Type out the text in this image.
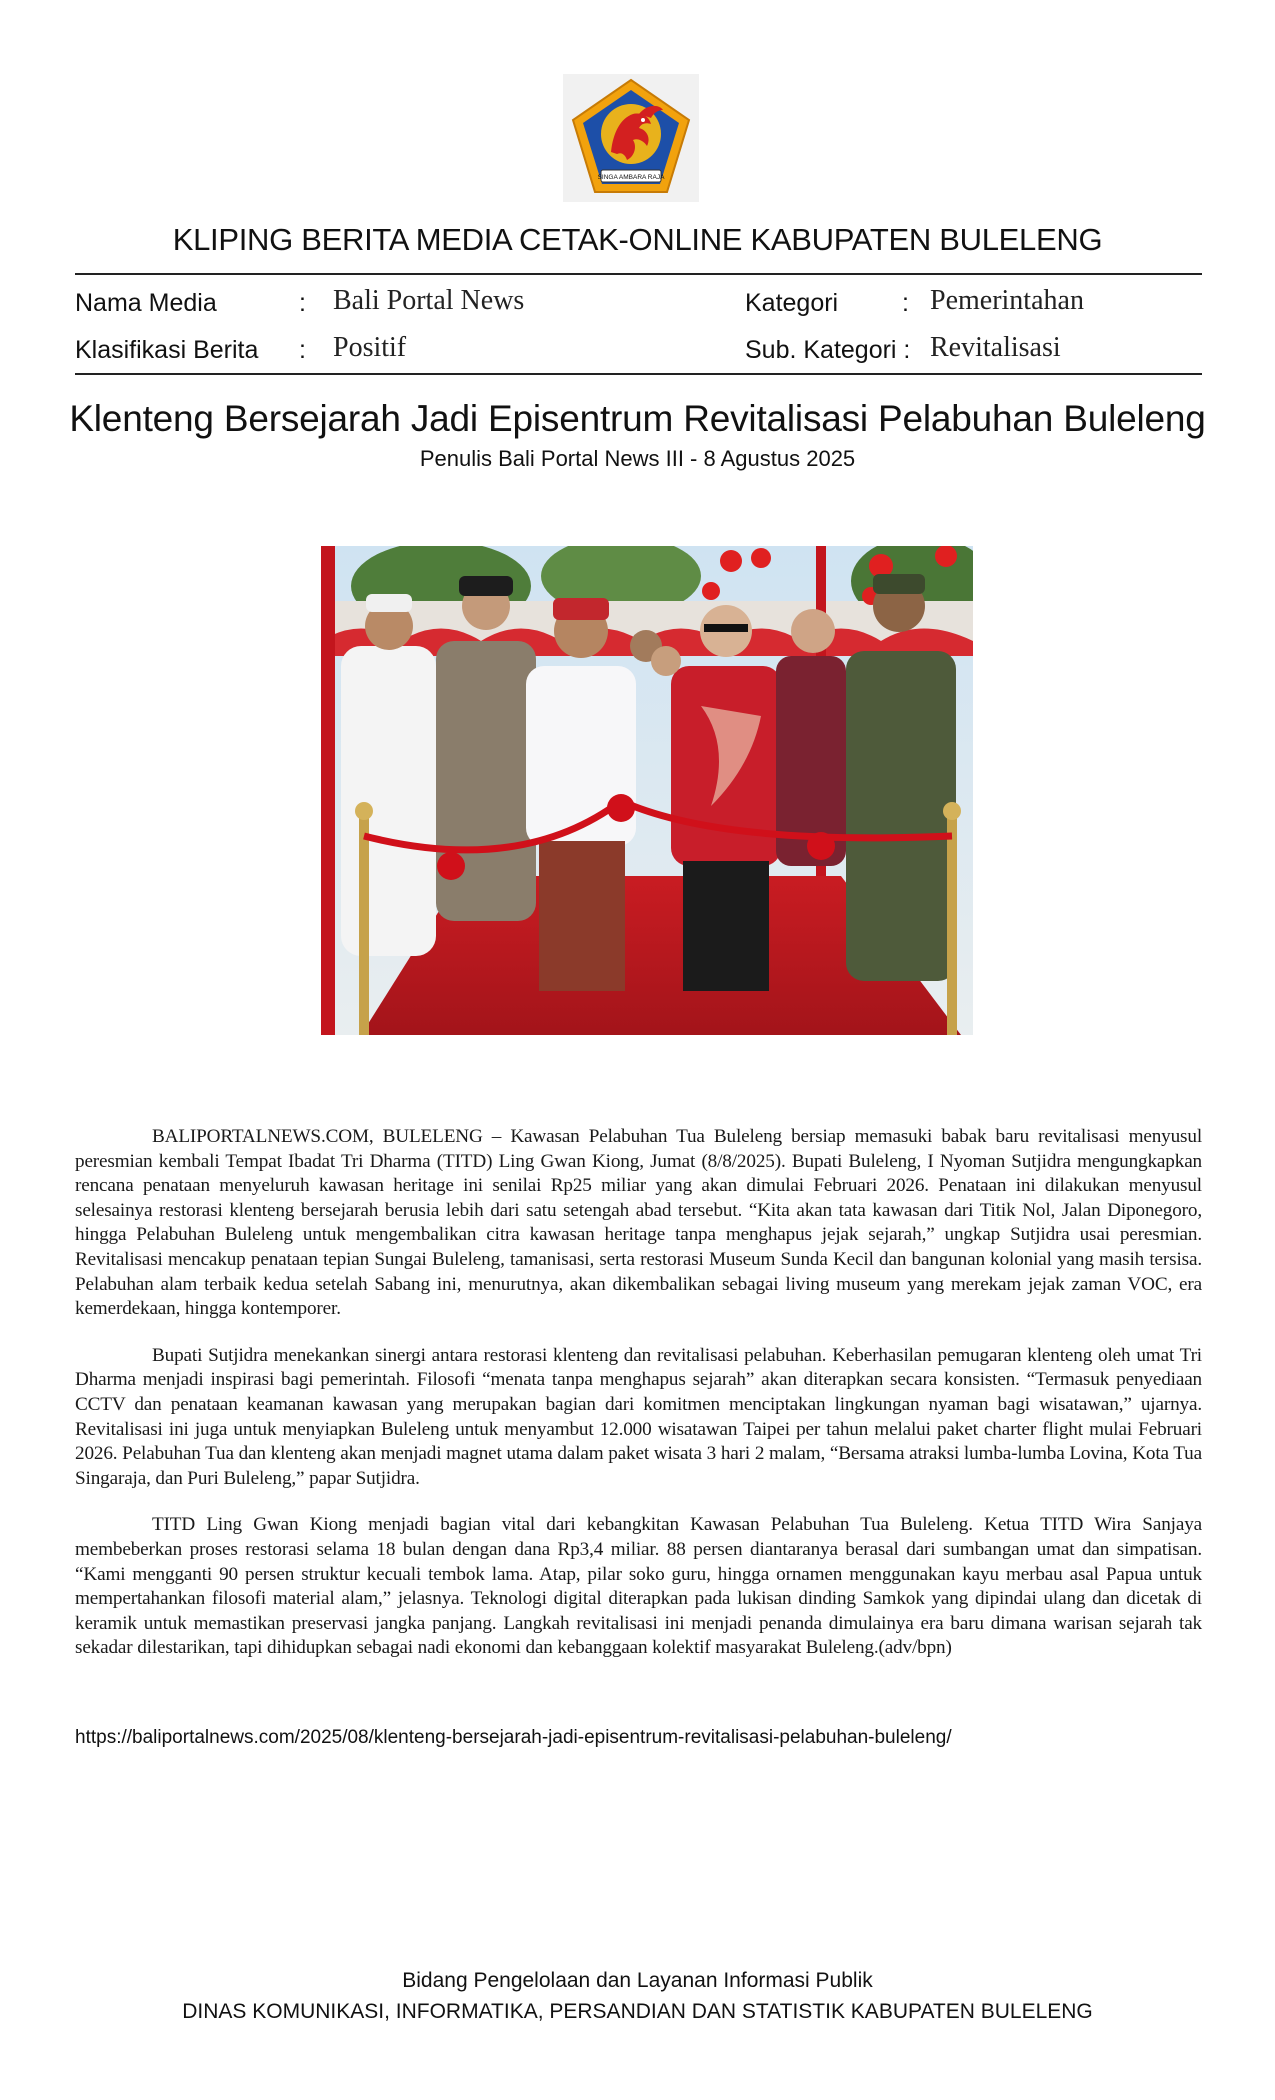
SINGA AMBARA RAJA
KLIPING BERITA MEDIA CETAK-ONLINE KABUPATEN BULELENG
Nama Media	: Bali Portal News	Kategori	: Pemerintahan
Klasifikasi Berita : Positif	Sub. Kategori : Revitalisasi
Klenteng Bersejarah Jadi Episentrum Revitalisasi Pelabuhan Buleleng
Penulis Bali Portal News III - 8 Agustus 2025

BALIPORTALNEWS.COM, BULELENG – Kawasan Pelabuhan Tua Buleleng bersiap memasuki babak baru revitalisasi menyusul peresmian kembali Tempat Ibadat Tri Dharma (TITD) Ling Gwan Kiong, Jumat (8/8/2025). Bupati Buleleng, I Nyoman Sutjidra mengungkapkan rencana penataan menyeluruh kawasan heritage ini senilai Rp25 miliar yang akan dimulai Februari 2026. Penataan ini dilakukan menyusul selesainya restorasi klenteng bersejarah berusia lebih dari satu setengah abad tersebut. “Kita akan tata kawasan dari Titik Nol, Jalan Diponegoro, hingga Pelabuhan Buleleng untuk mengembalikan citra kawasan heritage tanpa menghapus jejak sejarah,” ungkap Sutjidra usai peresmian. Revitalisasi mencakup penataan tepian Sungai Buleleng, tamanisasi, serta restorasi Museum Sunda Kecil dan bangunan kolonial yang masih tersisa. Pelabuhan alam terbaik kedua setelah Sabang ini, menurutnya, akan dikembalikan sebagai living museum yang merekam jejak zaman VOC, era kemerdekaan, hingga kontemporer.

Bupati Sutjidra menekankan sinergi antara restorasi klenteng dan revitalisasi pelabuhan. Keberhasilan pemugaran klenteng oleh umat Tri Dharma menjadi inspirasi bagi pemerintah. Filosofi “menata tanpa menghapus sejarah” akan diterapkan secara konsisten. “Termasuk penyediaan CCTV dan penataan keamanan kawasan yang merupakan bagian dari komitmen menciptakan lingkungan nyaman bagi wisatawan,” ujarnya. Revitalisasi ini juga untuk menyiapkan Buleleng untuk menyambut 12.000 wisatawan Taipei per tahun melalui paket charter flight mulai Februari 2026. Pelabuhan Tua dan klenteng akan menjadi magnet utama dalam paket wisata 3 hari 2 malam, “Bersama atraksi lumba-lumba Lovina, Kota Tua Singaraja, dan Puri Buleleng,” papar Sutjidra.

TITD Ling Gwan Kiong menjadi bagian vital dari kebangkitan Kawasan Pelabuhan Tua Buleleng. Ketua TITD Wira Sanjaya membeberkan proses restorasi selama 18 bulan dengan dana Rp3,4 miliar. 88 persen diantaranya berasal dari sumbangan umat dan simpatisan. “Kami mengganti 90 persen struktur kecuali tembok lama. Atap, pilar soko guru, hingga ornamen menggunakan kayu merbau asal Papua untuk mempertahankan filosofi material alam,” jelasnya. Teknologi digital diterapkan pada lukisan dinding Samkok yang dipindai ulang dan dicetak di keramik untuk memastikan preservasi jangka panjang. Langkah revitalisasi ini menjadi penanda dimulainya era baru dimana warisan sejarah tak sekadar dilestarikan, tapi dihidupkan sebagai nadi ekonomi dan kebanggaan kolektif masyarakat Buleleng.(adv/bpn)

https://baliportalnews.com/2025/08/klenteng-bersejarah-jadi-episentrum-revitalisasi-pelabuhan-buleleng/
Bidang Pengelolaan dan Layanan Informasi Publik
DINAS KOMUNIKASI, INFORMATIKA, PERSANDIAN DAN STATISTIK KABUPATEN BULELENG
